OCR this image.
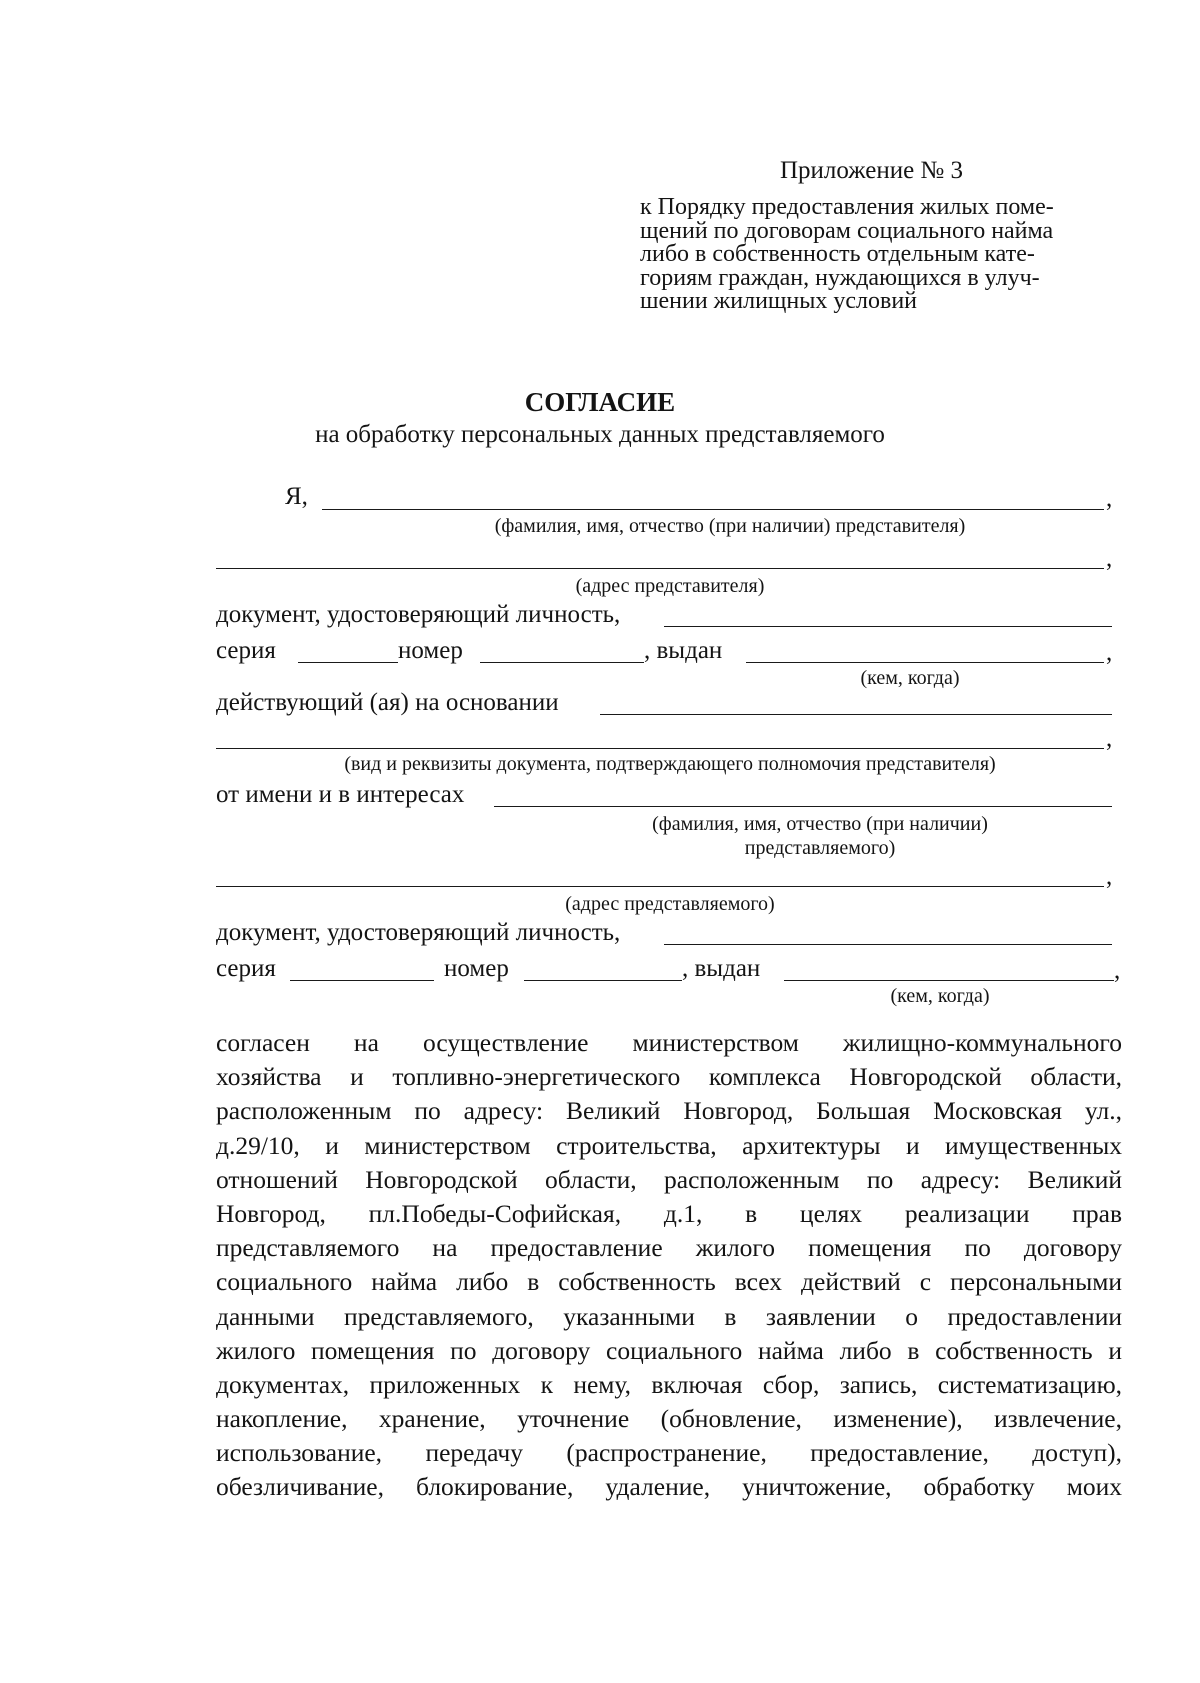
Приложение № 3
к Порядку предоставления жилых поме-
щений по договорам социального найма
либо в собственность отдельным кате-
гориям граждан, нуждающихся в улуч-
шении жилищных условий
СОГЛАСИЕ
на обработку персональных данных представляемого
Я,	,
(фамилия, имя, отчество (при наличии) представителя)
,
(адрес представителя)
документ, удостоверяющий личность,
серия	номер	, выдан	,
(кем, когда)
действующий (ая) на основании
,
(вид и реквизиты документа, подтверждающего полномочия представителя)
от имени и в интересах
(фамилия, имя, отчество (при наличии)
представляемого)
,
(адрес представляемого)
документ, удостоверяющий личность,
серия	номер	, выдан	,
(кем, когда)
согласен на осуществление министерством жилищно-коммунального
хозяйства и топливно-энергетического комплекса Новгородской области,
расположенным по адресу: Великий Новгород, Большая Московская ул.,
д.29/10, и министерством строительства, архитектуры и имущественных
отношений Новгородской области, расположенным по адресу: Великий
Новгород, пл.Победы-Софийская, д.1, в целях реализации прав
представляемого на предоставление жилого помещения по договору
социального найма либо в собственность всех действий с персональными
данными представляемого, указанными в заявлении о предоставлении
жилого помещения по договору социального найма либо в собственность и
документах, приложенных к нему, включая сбор, запись, систематизацию,
накопление, хранение, уточнение (обновление, изменение), извлечение,
использование, передачу (распространение, предоставление, доступ),
обезличивание, блокирование, удаление, уничтожение, обработку моих
